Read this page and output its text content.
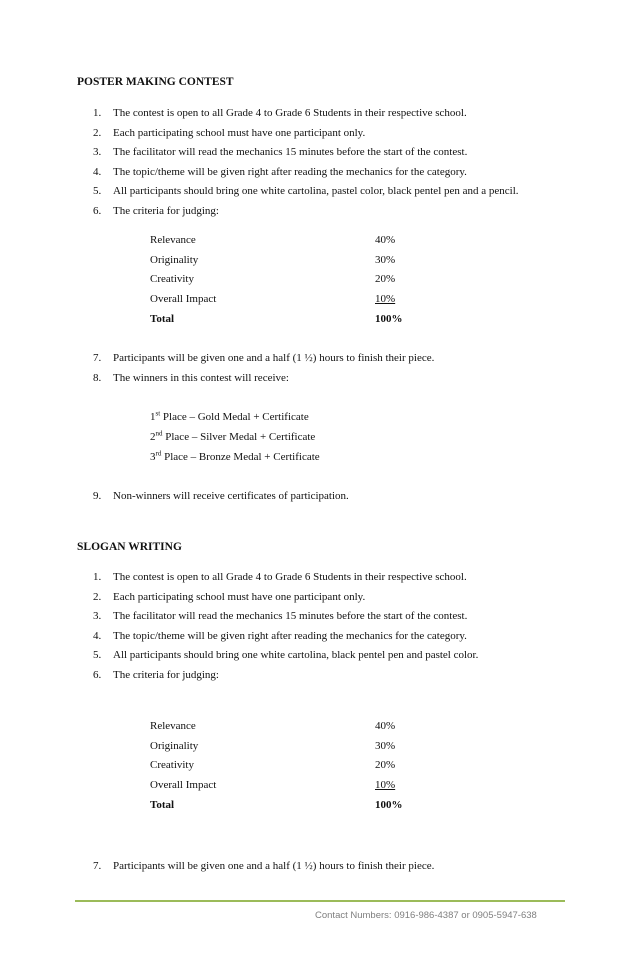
POSTER MAKING CONTEST
1.	The contest is open to all Grade 4 to Grade 6 Students in their respective school.
2.	Each participating school must have one participant only.
3.	The facilitator will read the mechanics 15 minutes before the start of the contest.
4.	The topic/theme will be given right after reading the mechanics for the category.
5.	All participants should bring one white cartolina, pastel color, black pentel pen and a pencil.
6.	The criteria for judging:
Relevance	40%
Originality	30%
Creativity	20%
Overall Impact	10%
Total	100%
7.	Participants will be given one and a half (1 ½) hours to finish their piece.
8.	The winners in this contest will receive:
1st Place – Gold Medal + Certificate
2nd Place – Silver Medal + Certificate
3rd Place – Bronze Medal + Certificate
9.	Non-winners will receive certificates of participation.
SLOGAN WRITING
1.	The contest is open to all Grade 4 to Grade 6 Students in their respective school.
2.	Each participating school must have one participant only.
3.	The facilitator will read the mechanics 15 minutes before the start of the contest.
4.	The topic/theme will be given right after reading the mechanics for the category.
5.	All participants should bring one white cartolina, black pentel pen and pastel color.
6.	The criteria for judging:
Relevance	40%
Originality	30%
Creativity	20%
Overall Impact	10%
Total	100%
7.	Participants will be given one and a half (1 ½) hours to finish their piece.
Contact Numbers: 0916-986-4387 or 0905-5947-638
